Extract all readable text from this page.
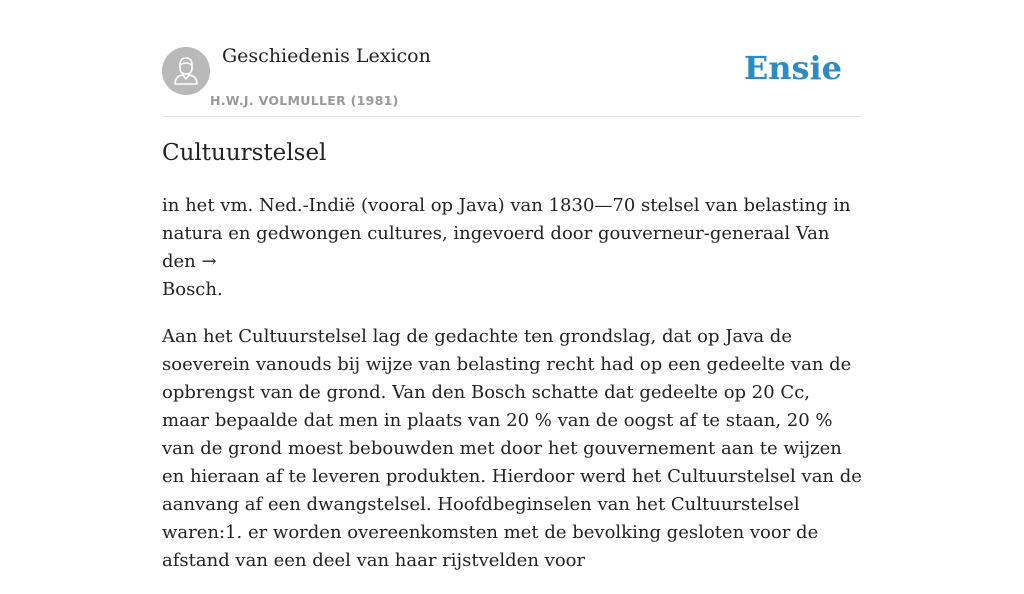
Geschiedenis Lexicon
H.W.J. VOLMULLER (1981)
Ensie
Cultuurstelsel

in het vm. Ned.-Indië (vooral op Java) van 1830—70 stelsel van belasting in natura en gedwongen cultures, ingevoerd door gouverneur-generaal Van den →
Bosch.

Aan het Cultuurstelsel lag de gedachte ten grondslag, dat op Java de soeverein vanouds bij wijze van belasting recht had op een gedeelte van de opbrengst van de grond. Van den Bosch schatte dat gedeelte op 20 Cc, maar bepaalde dat men in plaats van 20 % van de oogst af te staan, 20 % van de grond moest bebouwden met door het gouvernement aan te wijzen en hieraan af te leveren produkten. Hierdoor werd het Cultuurstelsel van de aanvang af een dwangstelsel. Hoofdbeginselen van het Cultuurstelsel waren:1. er worden overeenkomsten met de bevolking gesloten voor de afstand van een deel van haar rijstvelden voor
